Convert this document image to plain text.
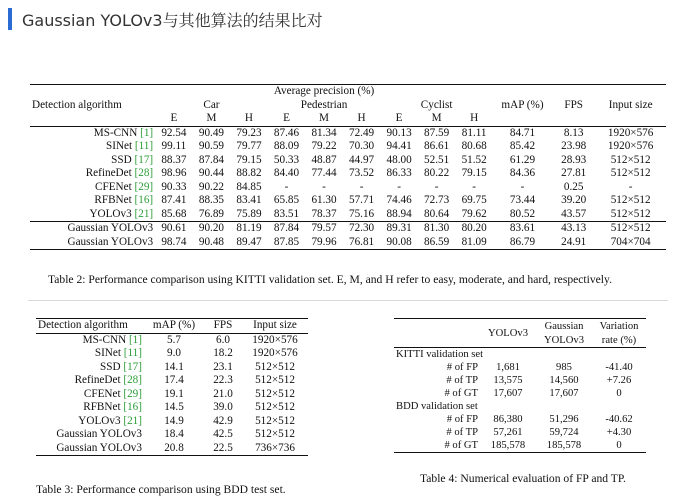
Gaussian YOLOv3与其他算法的结果比对
	Average precision (%)											
Detection algorithm	Car			Pedestrian			Cyclist			mAP (%)	FPS	Input size
	E	M	H	E	M	H	E	M	H			
MS-CNN [1]	92.54	90.49	79.23	87.46	81.34	72.49	90.13	87.59	81.11	84.71	8.13	1920×576
SINet [11]	99.11	90.59	79.77	88.09	79.22	70.30	94.41	86.61	80.68	85.42	23.98	1920×576
SSD [17]	88.37	87.84	79.15	50.33	48.87	44.97	48.00	52.51	51.52	61.29	28.93	512×512
RefineDet [28]	98.96	90.44	88.82	84.40	77.44	73.52	86.33	80.22	79.15	84.36	27.81	512×512
CFENet [29]	90.33	90.22	84.85	-	-	-	-	-	-	-	0.25	-
RFBNet [16]	87.41	88.35	83.41	65.85	61.30	57.71	74.46	72.73	69.75	73.44	39.20	512×512
YOLOv3 [21]	85.68	76.89	75.89	83.51	78.37	75.16	88.94	80.64	79.62	80.52	43.57	512×512
Gaussian YOLOv3	90.61	90.20	81.19	87.84	79.57	72.30	89.31	81.30	80.20	83.61	43.13	512×512
Gaussian YOLOv3	98.74	90.48	89.47	87.85	79.96	76.81	90.08	86.59	81.09	86.79	24.91	704×704
Table 2: Performance comparison using KITTI validation set. E, M, and H refer to easy, moderate, and hard, respectively.
Detection algorithm	mAP (%)	FPS	Input size
MS-CNN [1]	5.7	6.0	1920×576
SINet [11]	9.0	18.2	1920×576
SSD [17]	14.1	23.1	512×512
RefineDet [28]	17.4	22.3	512×512
CFENet [29]	19.1	21.0	512×512
RFBNet [16]	14.5	39.0	512×512
YOLOv3 [21]	14.9	42.9	512×512
Gaussian YOLOv3	18.4	42.5	512×512
Gaussian YOLOv3	20.8	22.5	736×736
Table 3: Performance comparison using BDD test set.
	YOLOv3	Gaussian	Variation
		YOLOv3	rate (%)
KITTI validation set			
# of FP	1,681	985	-41.40
# of TP	13,575	14,560	+7.26
# of GT	17,607	17,607	0
BDD validation set			
# of FP	86,380	51,296	-40.62
# of TP	57,261	59,724	+4.30
# of GT	185,578	185,578	0
Table 4: Numerical evaluation of FP and TP.
